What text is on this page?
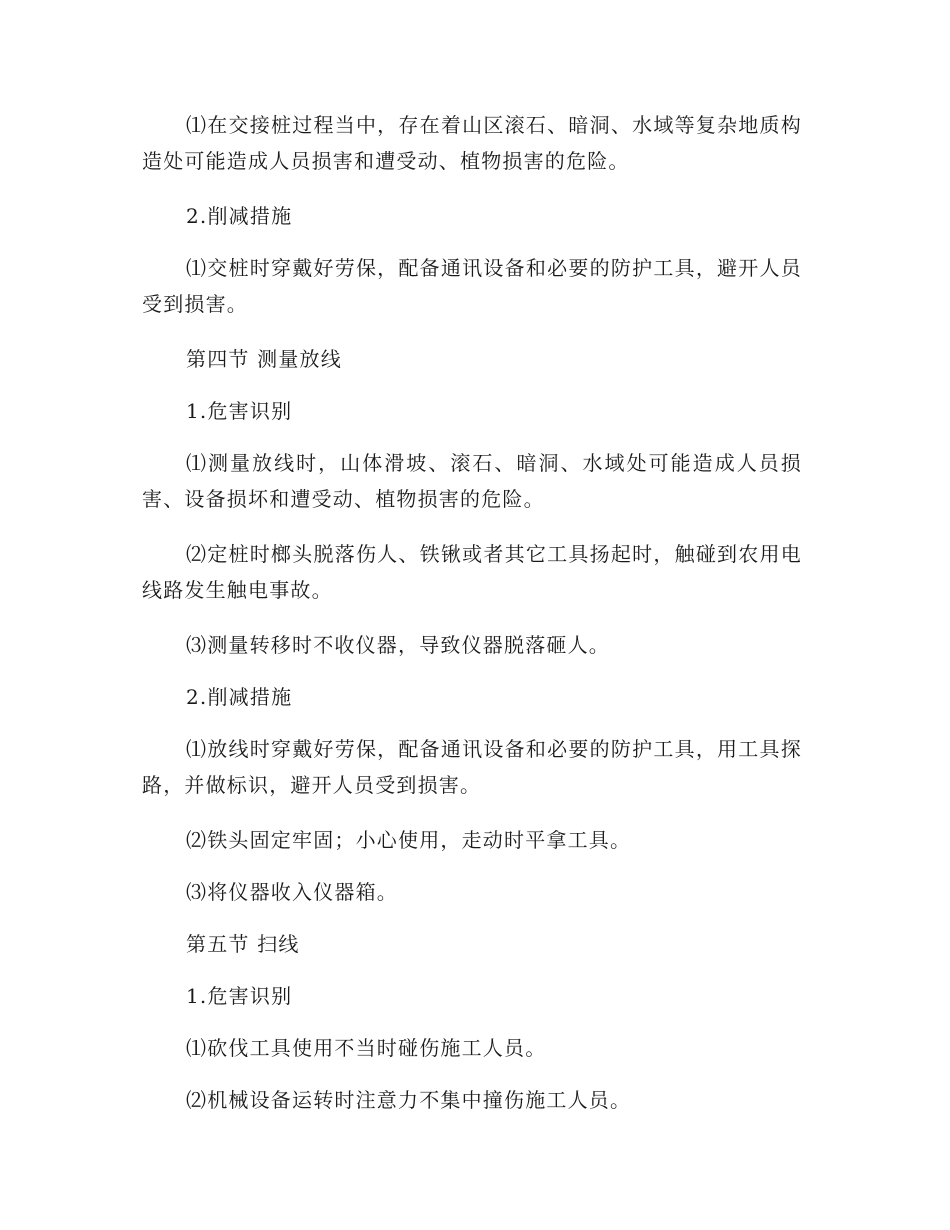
⑴在交接桩过程当中，存在着山区滚石、暗洞、水域等复杂地质构造处可能造成人员损害和遭受动、植物损害的危险。

2.削减措施

⑴交桩时穿戴好劳保，配备通讯设备和必要的防护工具，避开人员受到损害。

第四节 测量放线

1.危害识别

⑴测量放线时，山体滑坡、滚石、暗洞、水域处可能造成人员损害、设备损坏和遭受动、植物损害的危险。

⑵定桩时榔头脱落伤人、铁锹或者其它工具扬起时，触碰到农用电线路发生触电事故。

⑶测量转移时不收仪器，导致仪器脱落砸人。

2.削减措施

⑴放线时穿戴好劳保，配备通讯设备和必要的防护工具，用工具探路，并做标识，避开人员受到损害。

⑵铁头固定牢固；小心使用，走动时平拿工具。

⑶将仪器收入仪器箱。

第五节 扫线

1.危害识别

⑴砍伐工具使用不当时碰伤施工人员。

⑵机械设备运转时注意力不集中撞伤施工人员。
